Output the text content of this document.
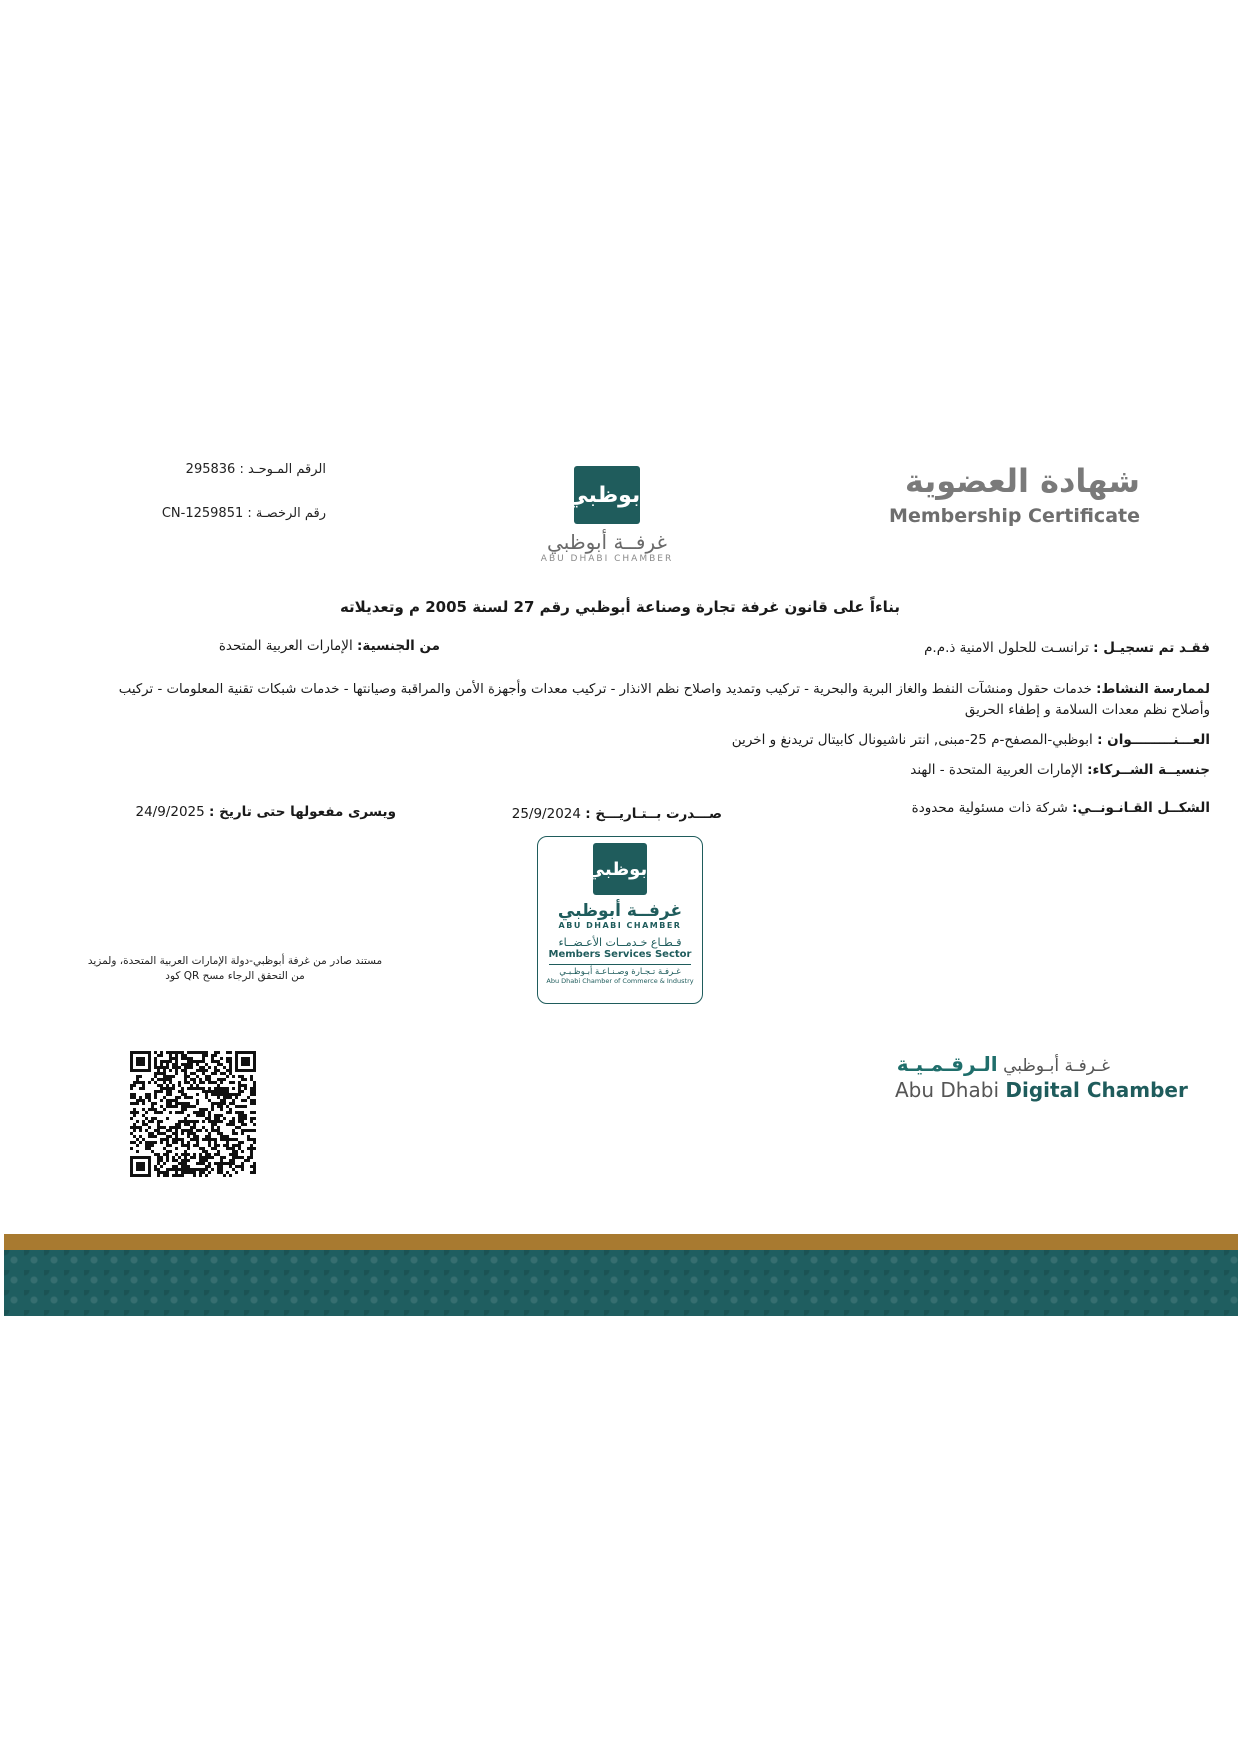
الرقم المـوحـد : 295836
رقم الرخصـة : CN-1259851
أبوظبي
غرفــة أبوظبي
ABU DHABI CHAMBER
شهادة العضوية
Membership Certificate
بناءاً على قانون غرفة تجارة وصناعة أبوظبي رقم 27 لسنة 2005 م وتعديلاته
فقـد تم تسجيـل : ترانسـت للحلول الامنية ذ.م.م
من الجنسية: الإمارات العربية المتحدة
لممارسة النشاط: خدمات حقول ومنشآت النفط والغاز البرية والبحرية - تركيب وتمديد واصلاح نظم الانذار - تركيب معدات وأجهزة الأمن والمراقبة وصيانتها - خدمات شبكات تقنية المعلومات - تركيب
وأصلاح نظم معدات السلامة و إطفاء الحريق
العـــنـــــــــوان : ابوظبي-المصفح-م 25-مبنى, انتر ناشيونال كابيتال تريدنغ و اخرين
جنسيــة الشــركاء: الإمارات العربية المتحدة - الهند
الشكــل القـانـونــي: شركة ذات مسئولية محدودة
صـــدرت بــتـاريـــخ : 25/9/2024
ويسرى مفعولها حتى تاريخ : 24/9/2025
أبوظبي
غرفــة أبوظبي
ABU DHABI CHAMBER
قـطـاع خـدمــات الأعـضــاء
Members Services Sector
غـرفـة تـجـارة وصـنـاعـة أبـوظـبـي
Abu Dhabi Chamber of Commerce & Industry
مستند صادر من غرفة أبوظبي-دولة الإمارات العربية المتحدة، ولمزيد
من التحقق الرجاء مسح QR كود
غـرفـة أبـوظبي الـرقـمـيـة
Abu Dhabi Digital Chamber
